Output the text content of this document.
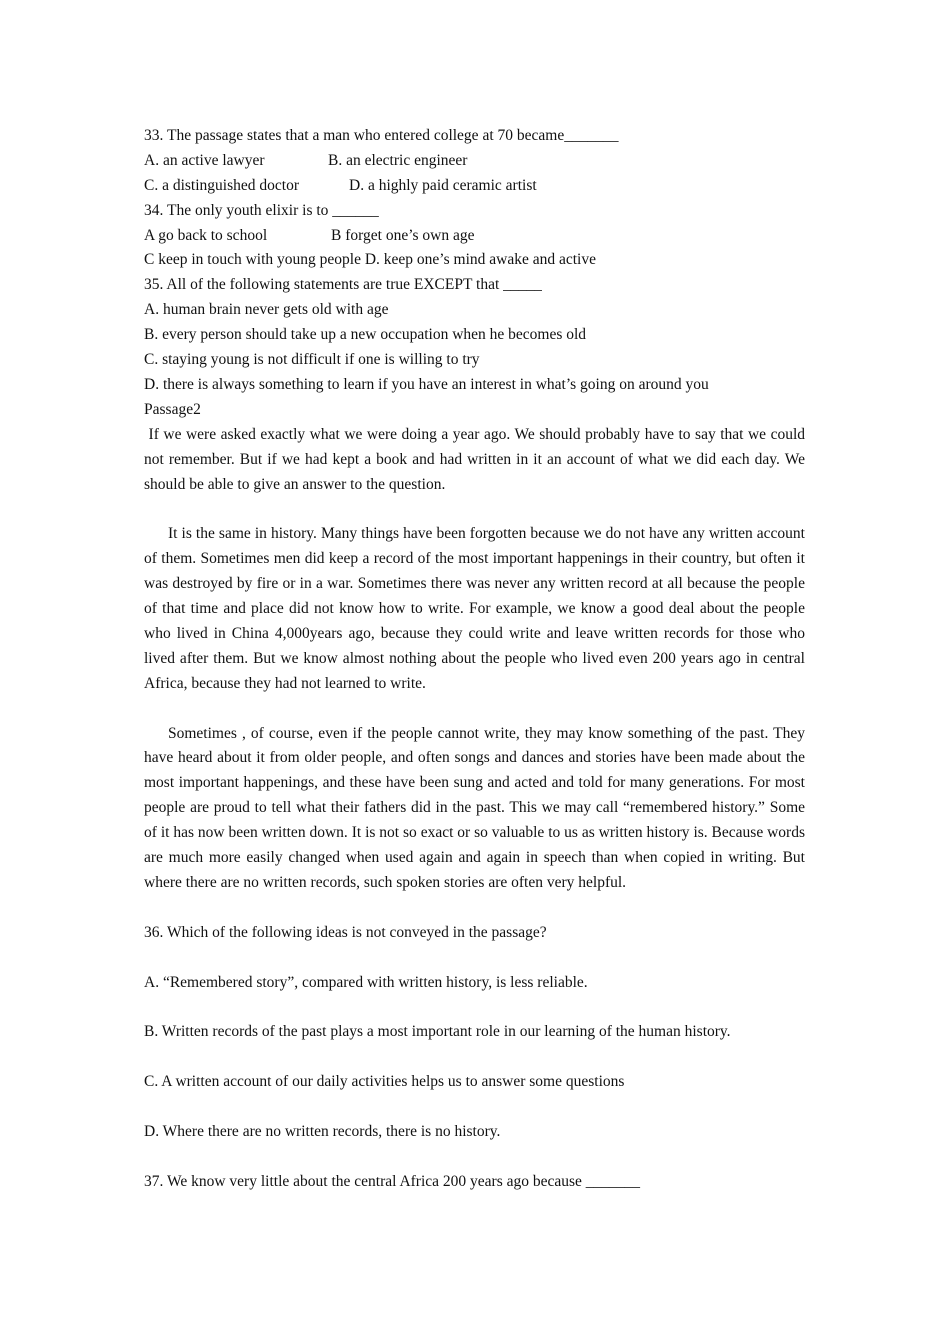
33. The passage states that a man who entered college at 70 became_______
A. an active lawyer	B. an electric engineer
C. a distinguished doctor	D. a highly paid ceramic artist
34. The only youth elixir is to ______
A go back to school	B forget one’s own age
C keep in touch with young people D. keep one’s mind awake and active
35. All of the following statements are true EXCEPT that _____
A. human brain never gets old with age
B. every person should take up a new occupation when he becomes old
C. staying young is not difficult if one is willing to try
D. there is always something to learn if you have an interest in what’s going on around you
Passage2

If we were asked exactly what we were doing a year ago. We should probably have to say that we could not remember. But if we had kept a book and had written in it an account of what we did each day. We should be able to give an answer to the question.

It is the same in history. Many things have been forgotten because we do not have any written account of them. Sometimes men did keep a record of the most important happenings in their country, but often it was destroyed by fire or in a war. Sometimes there was never any written record at all because the people of that time and place did not know how to write. For example, we know a good deal about the people who lived in China 4,000years ago, because they could write and leave written records for those who lived after them. But we know almost nothing about the people who lived even 200 years ago in central Africa, because they had not learned to write.

Sometimes , of course, even if the people cannot write, they may know something of the past. They have heard about it from older people, and often songs and dances and stories have been made about the most important happenings, and these have been sung and acted and told for many generations. For most people are proud to tell what their fathers did in the past. This we may call “remembered history.” Some of it has now been written down. It is not so exact or so valuable to us as written history is. Because words are much more easily changed when used again and again in speech than when copied in writing. But where there are no written records, such spoken stories are often very helpful.

36. Which of the following ideas is not conveyed in the passage?
A. “Remembered story”, compared with written history, is less reliable.
B. Written records of the past plays a most important role in our learning of the human history.
C. A written account of our daily activities helps us to answer some questions
D. Where there are no written records, there is no history.
37. We know very little about the central Africa 200 years ago because _______
